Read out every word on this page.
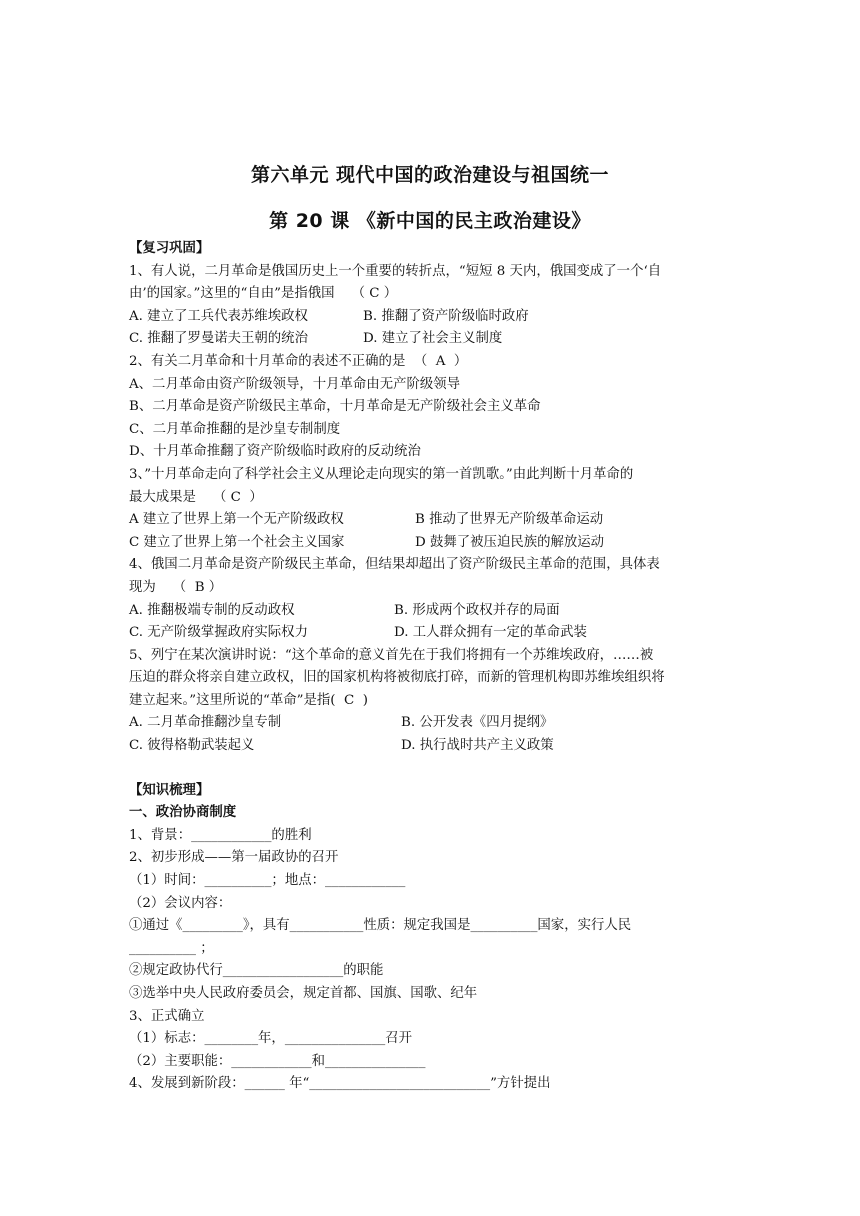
第六单元 现代中国的政治建设与祖国统一
第 20 课 《新中国的民主政治建设》
【复习巩固】
1、有人说，二月革命是俄国历史上一个重要的转折点，“短短 8 天内，俄国变成了一个‘自
由’的国家。”这里的“自由”是指俄国    （ C ）
A. 建立了工兵代表苏维埃政权	B. 推翻了资产阶级临时政府
C. 推翻了罗曼诺夫王朝的统治	D. 建立了社会主义制度
2、有关二月革命和十月革命的表述不正确的是  （  A  ）
A、二月革命由资产阶级领导，十月革命由无产阶级领导
B、二月革命是资产阶级民主革命，十月革命是无产阶级社会主义革命
C、二月革命推翻的是沙皇专制制度
D、十月革命推翻了资产阶级临时政府的反动统治
3、”十月革命走向了科学社会主义从理论走向现实的第一首凯歌。”由此判断十月革命的
最大成果是    （ C  ）
A 建立了世界上第一个无产阶级政权	B 推动了世界无产阶级革命运动
C 建立了世界上第一个社会主义国家	D 鼓舞了被压迫民族的解放运动
4、俄国二月革命是资产阶级民主革命，但结果却超出了资产阶级民主革命的范围，具体表
现为    （  B ）
A. 推翻极端专制的反动政权	B. 形成两个政权并存的局面
C. 无产阶级掌握政府实际权力	D. 工人群众拥有一定的革命武装
5、列宁在某次演讲时说：“这个革命的意义首先在于我们将拥有一个苏维埃政府，……被
压迫的群众将亲自建立政权，旧的国家机构将被彻底打碎，而新的管理机构即苏维埃组织将
建立起来。”这里所说的“革命”是指(  C  )
A. 二月革命推翻沙皇专制	B. 公开发表《四月提纲》
C. 彼得格勒武装起义	D. 执行战时共产主义政策
【知识梳理】
一、政治协商制度
1、背景：____________的胜利
2、初步形成——第一届政协的召开
（1）时间：__________；地点：____________
（2）会议内容：
①通过《_________》，具有___________性质：规定我国是__________国家，实行人民
__________ ；
②规定政协代行__________________的职能
③选举中央人民政府委员会，规定首都、国旗、国歌、纪年
3、正式确立
（1）标志：________年，_______________召开
（2）主要职能：____________和_______________
4、发展到新阶段：______ 年“___________________________”方针提出
